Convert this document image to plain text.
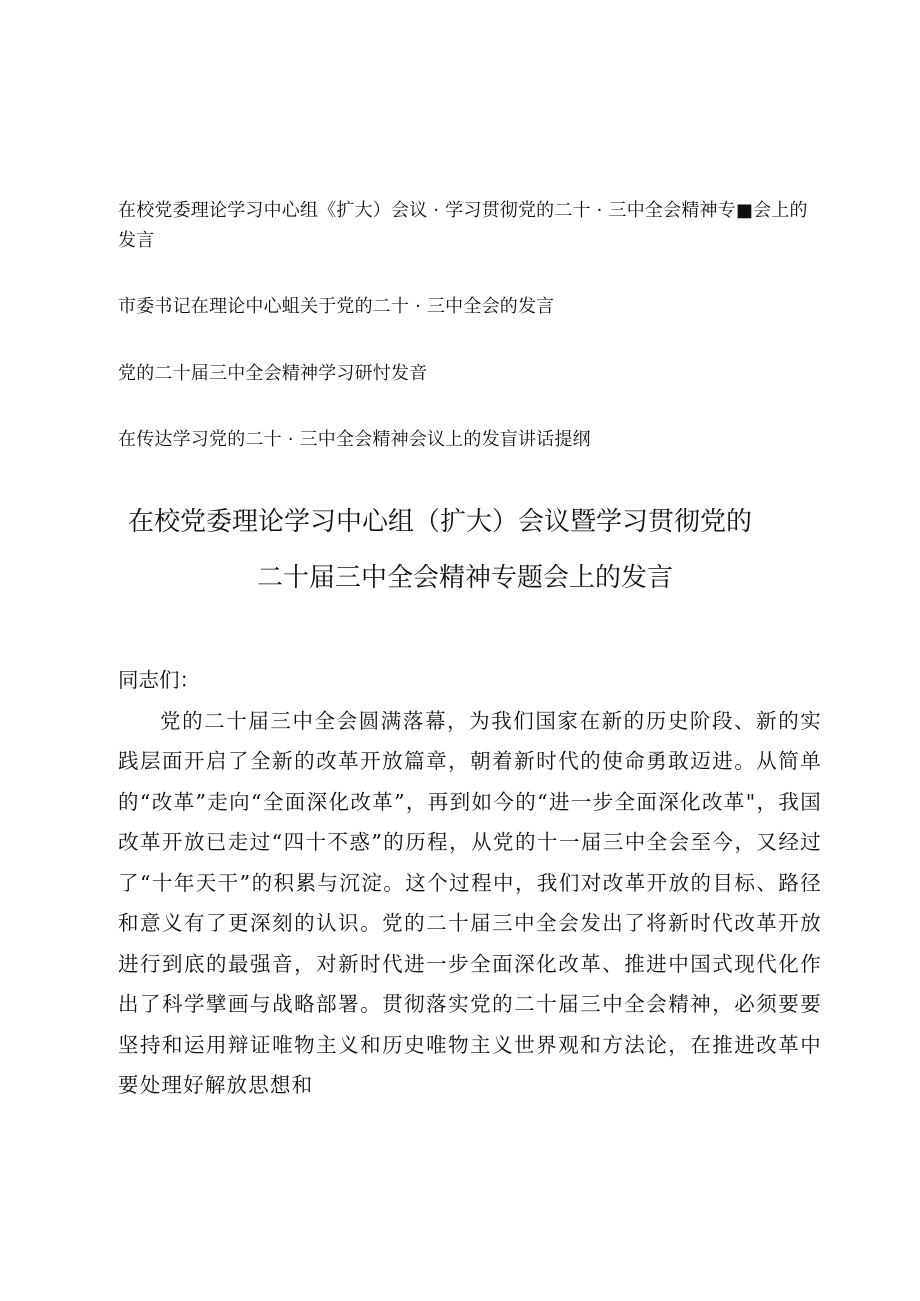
在校党委理论学习中心组《扩大）会议 · 学习贯彻党的二十 · 三中全会精神专■会上的发言

市委书记在理论中心蛆关于党的二十 · 三中全会的发言

党的二十届三中全会精神学习研忖发音

在传达学习党的二十 · 三中全会精神会议上的发盲讲话提纲

在校党委理论学习中心组（扩大）会议暨学习贯彻党的
二十届三中全会精神专题会上的发言

同志们：

党的二十届三中全会圆满落幕，为我们国家在新的历史阶段、新的实践层面开启了全新的改革开放篇章，朝着新时代的使命勇敢迈进。从简单的“改革”走向“全面深化改革”，再到如今的“进一步全面深化改革"，我国改革开放已走过“四十不惑”的历程，从党的十一届三中全会至今，又经过了“十年天干”的积累与沉淀。这个过程中，我们对改革开放的目标、路径和意义有了更深刻的认识。党的二十届三中全会发出了将新时代改革开放进行到底的最强音，对新时代进一步全面深化改革、推进中国式现代化作出了科学擘画与战略部署。贯彻落实党的二十届三中全会精神，必须要要坚持和运用辩证唯物主义和历史唯物主义世界观和方法论，在推进改革中要处理好解放思想和
